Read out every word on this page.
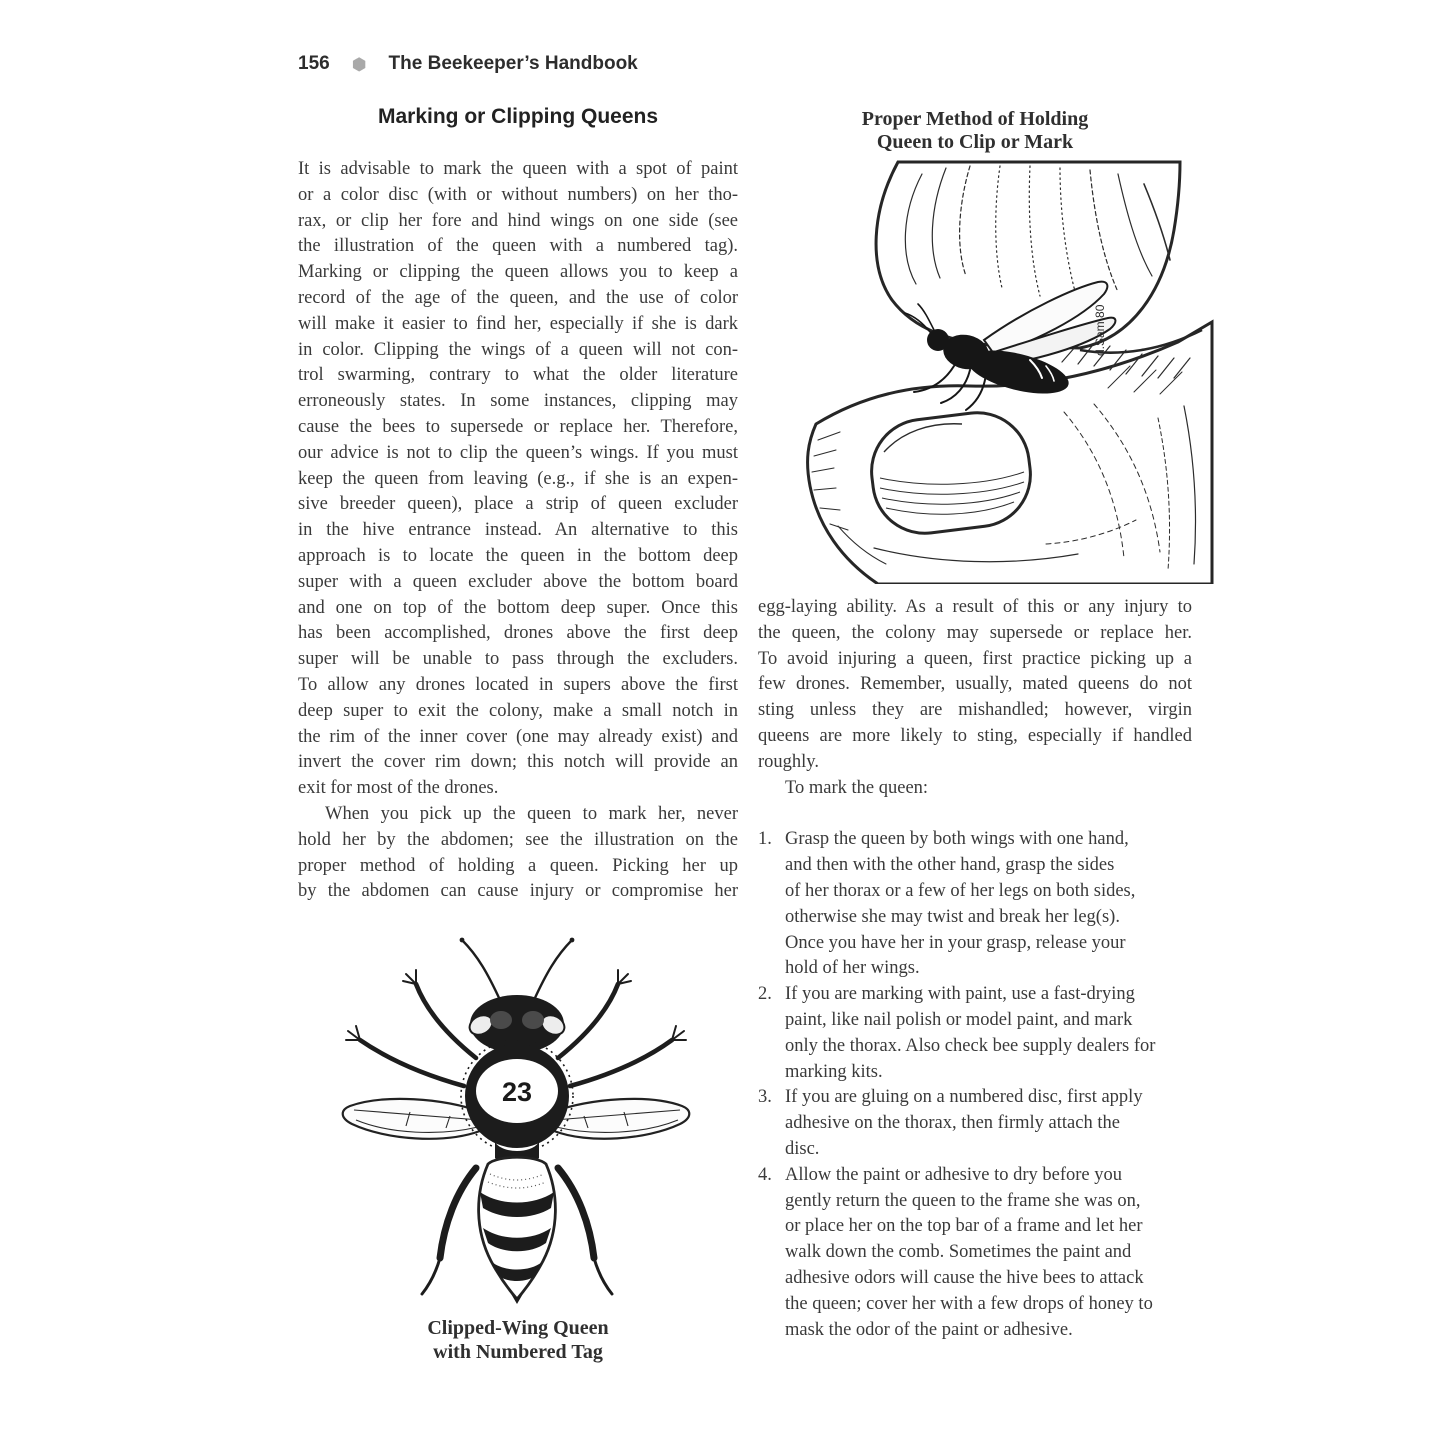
156 ⬢ The Beekeeper’s Handbook
Marking or Clipping Queens
It is advisable to mark the queen with a spot of paint
or a color disc (with or without numbers) on her tho-
rax, or clip her fore and hind wings on one side (see
the illustration of the queen with a numbered tag).
Marking or clipping the queen allows you to keep a
record of the age of the queen, and the use of color
will make it easier to find her, especially if she is dark
in color. Clipping the wings of a queen will not con-
trol swarming, contrary to what the older literature
erroneously states. In some instances, clipping may
cause the bees to supersede or replace her. Therefore,
our advice is not to clip the queen’s wings. If you must
keep the queen from leaving (e.g., if she is an expen-
sive breeder queen), place a strip of queen excluder
in the hive entrance instead. An alternative to this
approach is to locate the queen in the bottom deep
super with a queen excluder above the bottom board
and one on top of the bottom deep super. Once this
has been accomplished, drones above the first deep
super will be unable to pass through the excluders.
To allow any drones located in supers above the first
deep super to exit the colony, make a small notch in
the rim of the inner cover (one may already exist) and
invert the cover rim down; this notch will provide an
exit for most of the drones.
When you pick up the queen to mark her, never
hold her by the abdomen; see the illustration on the
proper method of holding a queen. Picking her up
by the abdomen can cause injury or compromise her
d.Sam 80
Proper Method of Holding
Queen to Clip or Mark
egg-laying ability. As a result of this or any injury to
the queen, the colony may supersede or replace her.
To avoid injuring a queen, first practice picking up a
few drones. Remember, usually, mated queens do not
sting unless they are mishandled; however, virgin
queens are more likely to sting, especially if handled
roughly.
To mark the queen:
1. Grasp the queen by both wings with one hand,
and then with the other hand, grasp the sides
of her thorax or a few of her legs on both sides,
otherwise she may twist and break her leg(s).
Once you have her in your grasp, release your
hold of her wings.
2. If you are marking with paint, use a fast-drying
paint, like nail polish or model paint, and mark
only the thorax. Also check bee supply dealers for
marking kits.
3. If you are gluing on a numbered disc, first apply
adhesive on the thorax, then firmly attach the
disc.
4. Allow the paint or adhesive to dry before you
gently return the queen to the frame she was on,
or place her on the top bar of a frame and let her
walk down the comb. Sometimes the paint and
adhesive odors will cause the hive bees to attack
the queen; cover her with a few drops of honey to
mask the odor of the paint or adhesive.
23
Clipped-Wing Queen
with Numbered Tag
